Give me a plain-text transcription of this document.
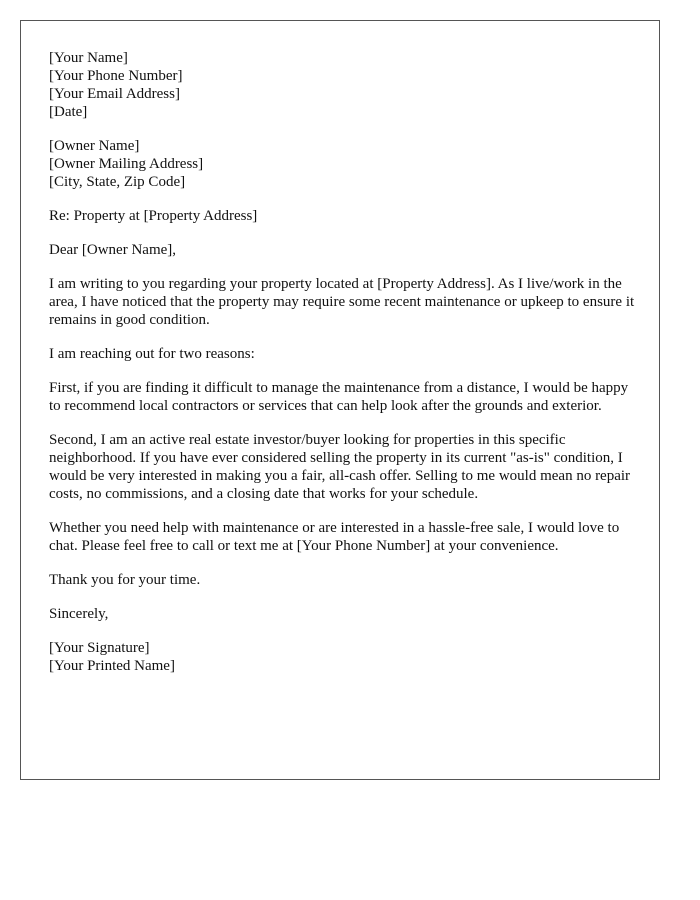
[Your Name]
[Your Phone Number]
[Your Email Address]
[Date]
[Owner Name]
[Owner Mailing Address]
[City, State, Zip Code]

Re: Property at [Property Address]

Dear [Owner Name],

I am writing to you regarding your property located at [Property Address]. As I live/work in the area, I have noticed that the property may require some recent maintenance or upkeep to ensure it remains in good condition.

I am reaching out for two reasons:

First, if you are finding it difficult to manage the maintenance from a distance, I would be happy to recommend local contractors or services that can help look after the grounds and exterior.

Second, I am an active real estate investor/buyer looking for properties in this specific neighborhood. If you have ever considered selling the property in its current "as-is" condition, I would be very interested in making you a fair, all-cash offer. Selling to me would mean no repair costs, no commissions, and a closing date that works for your schedule.

Whether you need help with maintenance or are interested in a hassle-free sale, I would love to chat. Please feel free to call or text me at [Your Phone Number] at your convenience.

Thank you for your time.

Sincerely,

[Your Signature]
[Your Printed Name]
